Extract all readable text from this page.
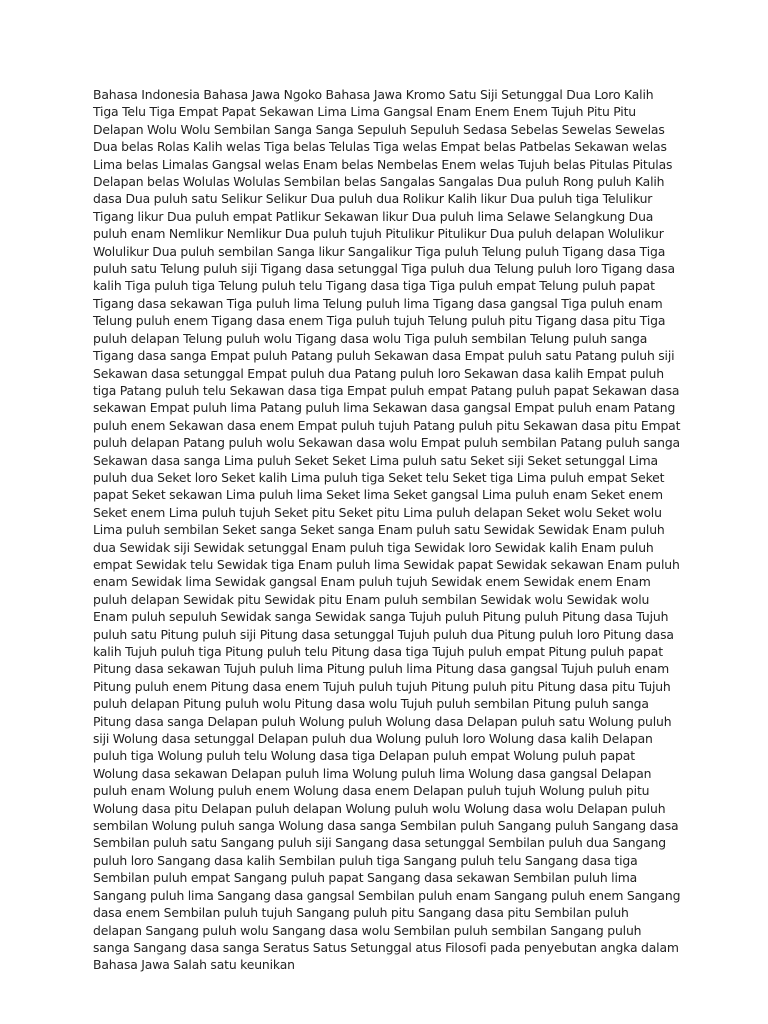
Bahasa Indonesia Bahasa Jawa Ngoko Bahasa Jawa Kromo Satu Siji Setunggal Dua Loro Kalih Tiga Telu Tiga Empat Papat Sekawan Lima Lima Gangsal Enam Enem Enem Tujuh Pitu Pitu Delapan Wolu Wolu Sembilan Sanga Sanga Sepuluh Sepuluh Sedasa Sebelas Sewelas Sewelas Dua belas Rolas Kalih welas Tiga belas Telulas Tiga welas Empat belas Patbelas Sekawan welas Lima belas Limalas Gangsal welas Enam belas Nembelas Enem welas Tujuh belas Pitulas Pitulas Delapan belas Wolulas Wolulas Sembilan belas Sangalas Sangalas Dua puluh Rong puluh Kalih dasa Dua puluh satu Selikur Selikur Dua puluh dua Rolikur Kalih likur Dua puluh tiga Telulikur Tigang likur Dua puluh empat Patlikur Sekawan likur Dua puluh lima Selawe Selangkung Dua puluh enam Nemlikur Nemlikur Dua puluh tujuh Pitulikur Pitulikur Dua puluh delapan Wolulikur Wolulikur Dua puluh sembilan Sanga likur Sangalikur Tiga puluh Telung puluh Tigang dasa Tiga puluh satu Telung puluh siji Tigang dasa setunggal Tiga puluh dua Telung puluh loro Tigang dasa kalih Tiga puluh tiga Telung puluh telu Tigang dasa tiga Tiga puluh empat Telung puluh papat Tigang dasa sekawan Tiga puluh lima Telung puluh lima Tigang dasa gangsal Tiga puluh enam Telung puluh enem Tigang dasa enem Tiga puluh tujuh Telung puluh pitu Tigang dasa pitu Tiga puluh delapan Telung puluh wolu Tigang dasa wolu Tiga puluh sembilan Telung puluh sanga Tigang dasa sanga Empat puluh Patang puluh Sekawan dasa Empat puluh satu Patang puluh siji Sekawan dasa setunggal Empat puluh dua Patang puluh loro Sekawan dasa kalih Empat puluh tiga Patang puluh telu Sekawan dasa tiga Empat puluh empat Patang puluh papat Sekawan dasa sekawan Empat puluh lima Patang puluh lima Sekawan dasa gangsal Empat puluh enam Patang puluh enem Sekawan dasa enem Empat puluh tujuh Patang puluh pitu Sekawan dasa pitu Empat puluh delapan Patang puluh wolu Sekawan dasa wolu Empat puluh sembilan Patang puluh sanga Sekawan dasa sanga Lima puluh Seket Seket Lima puluh satu Seket siji Seket setunggal Lima puluh dua Seket loro Seket kalih Lima puluh tiga Seket telu Seket tiga Lima puluh empat Seket papat Seket sekawan Lima puluh lima Seket lima Seket gangsal Lima puluh enam Seket enem Seket enem Lima puluh tujuh Seket pitu Seket pitu Lima puluh delapan Seket wolu Seket wolu Lima puluh sembilan Seket sanga Seket sanga Enam puluh satu Sewidak Sewidak Enam puluh dua Sewidak siji Sewidak setunggal Enam puluh tiga Sewidak loro Sewidak kalih Enam puluh empat Sewidak telu Sewidak tiga Enam puluh lima Sewidak papat Sewidak sekawan Enam puluh enam Sewidak lima Sewidak gangsal Enam puluh tujuh Sewidak enem Sewidak enem Enam puluh delapan Sewidak pitu Sewidak pitu Enam puluh sembilan Sewidak wolu Sewidak wolu Enam puluh sepuluh Sewidak sanga Sewidak sanga Tujuh puluh Pitung puluh Pitung dasa Tujuh puluh satu Pitung puluh siji Pitung dasa setunggal Tujuh puluh dua Pitung puluh loro Pitung dasa kalih Tujuh puluh tiga Pitung puluh telu Pitung dasa tiga Tujuh puluh empat Pitung puluh papat Pitung dasa sekawan Tujuh puluh lima Pitung puluh lima Pitung dasa gangsal Tujuh puluh enam Pitung puluh enem Pitung dasa enem Tujuh puluh tujuh Pitung puluh pitu Pitung dasa pitu Tujuh puluh delapan Pitung puluh wolu Pitung dasa wolu Tujuh puluh sembilan Pitung puluh sanga Pitung dasa sanga Delapan puluh Wolung puluh Wolung dasa Delapan puluh satu Wolung puluh siji Wolung dasa setunggal Delapan puluh dua Wolung puluh loro Wolung dasa kalih Delapan puluh tiga Wolung puluh telu Wolung dasa tiga Delapan puluh empat Wolung puluh papat Wolung dasa sekawan Delapan puluh lima Wolung puluh lima Wolung dasa gangsal Delapan puluh enam Wolung puluh enem Wolung dasa enem Delapan puluh tujuh Wolung puluh pitu Wolung dasa pitu Delapan puluh delapan Wolung puluh wolu Wolung dasa wolu Delapan puluh sembilan Wolung puluh sanga Wolung dasa sanga Sembilan puluh Sangang puluh Sangang dasa Sembilan puluh satu Sangang puluh siji Sangang dasa setunggal Sembilan puluh dua Sangang puluh loro Sangang dasa kalih Sembilan puluh tiga Sangang puluh telu Sangang dasa tiga Sembilan puluh empat Sangang puluh papat Sangang dasa sekawan Sembilan puluh lima Sangang puluh lima Sangang dasa gangsal Sembilan puluh enam Sangang puluh enem Sangang dasa enem Sembilan puluh tujuh Sangang puluh pitu Sangang dasa pitu Sembilan puluh delapan Sangang puluh wolu Sangang dasa wolu Sembilan puluh sembilan Sangang puluh sanga Sangang dasa sanga Seratus Satus Setunggal atus Filosofi pada penyebutan angka dalam Bahasa Jawa Salah satu keunikan
